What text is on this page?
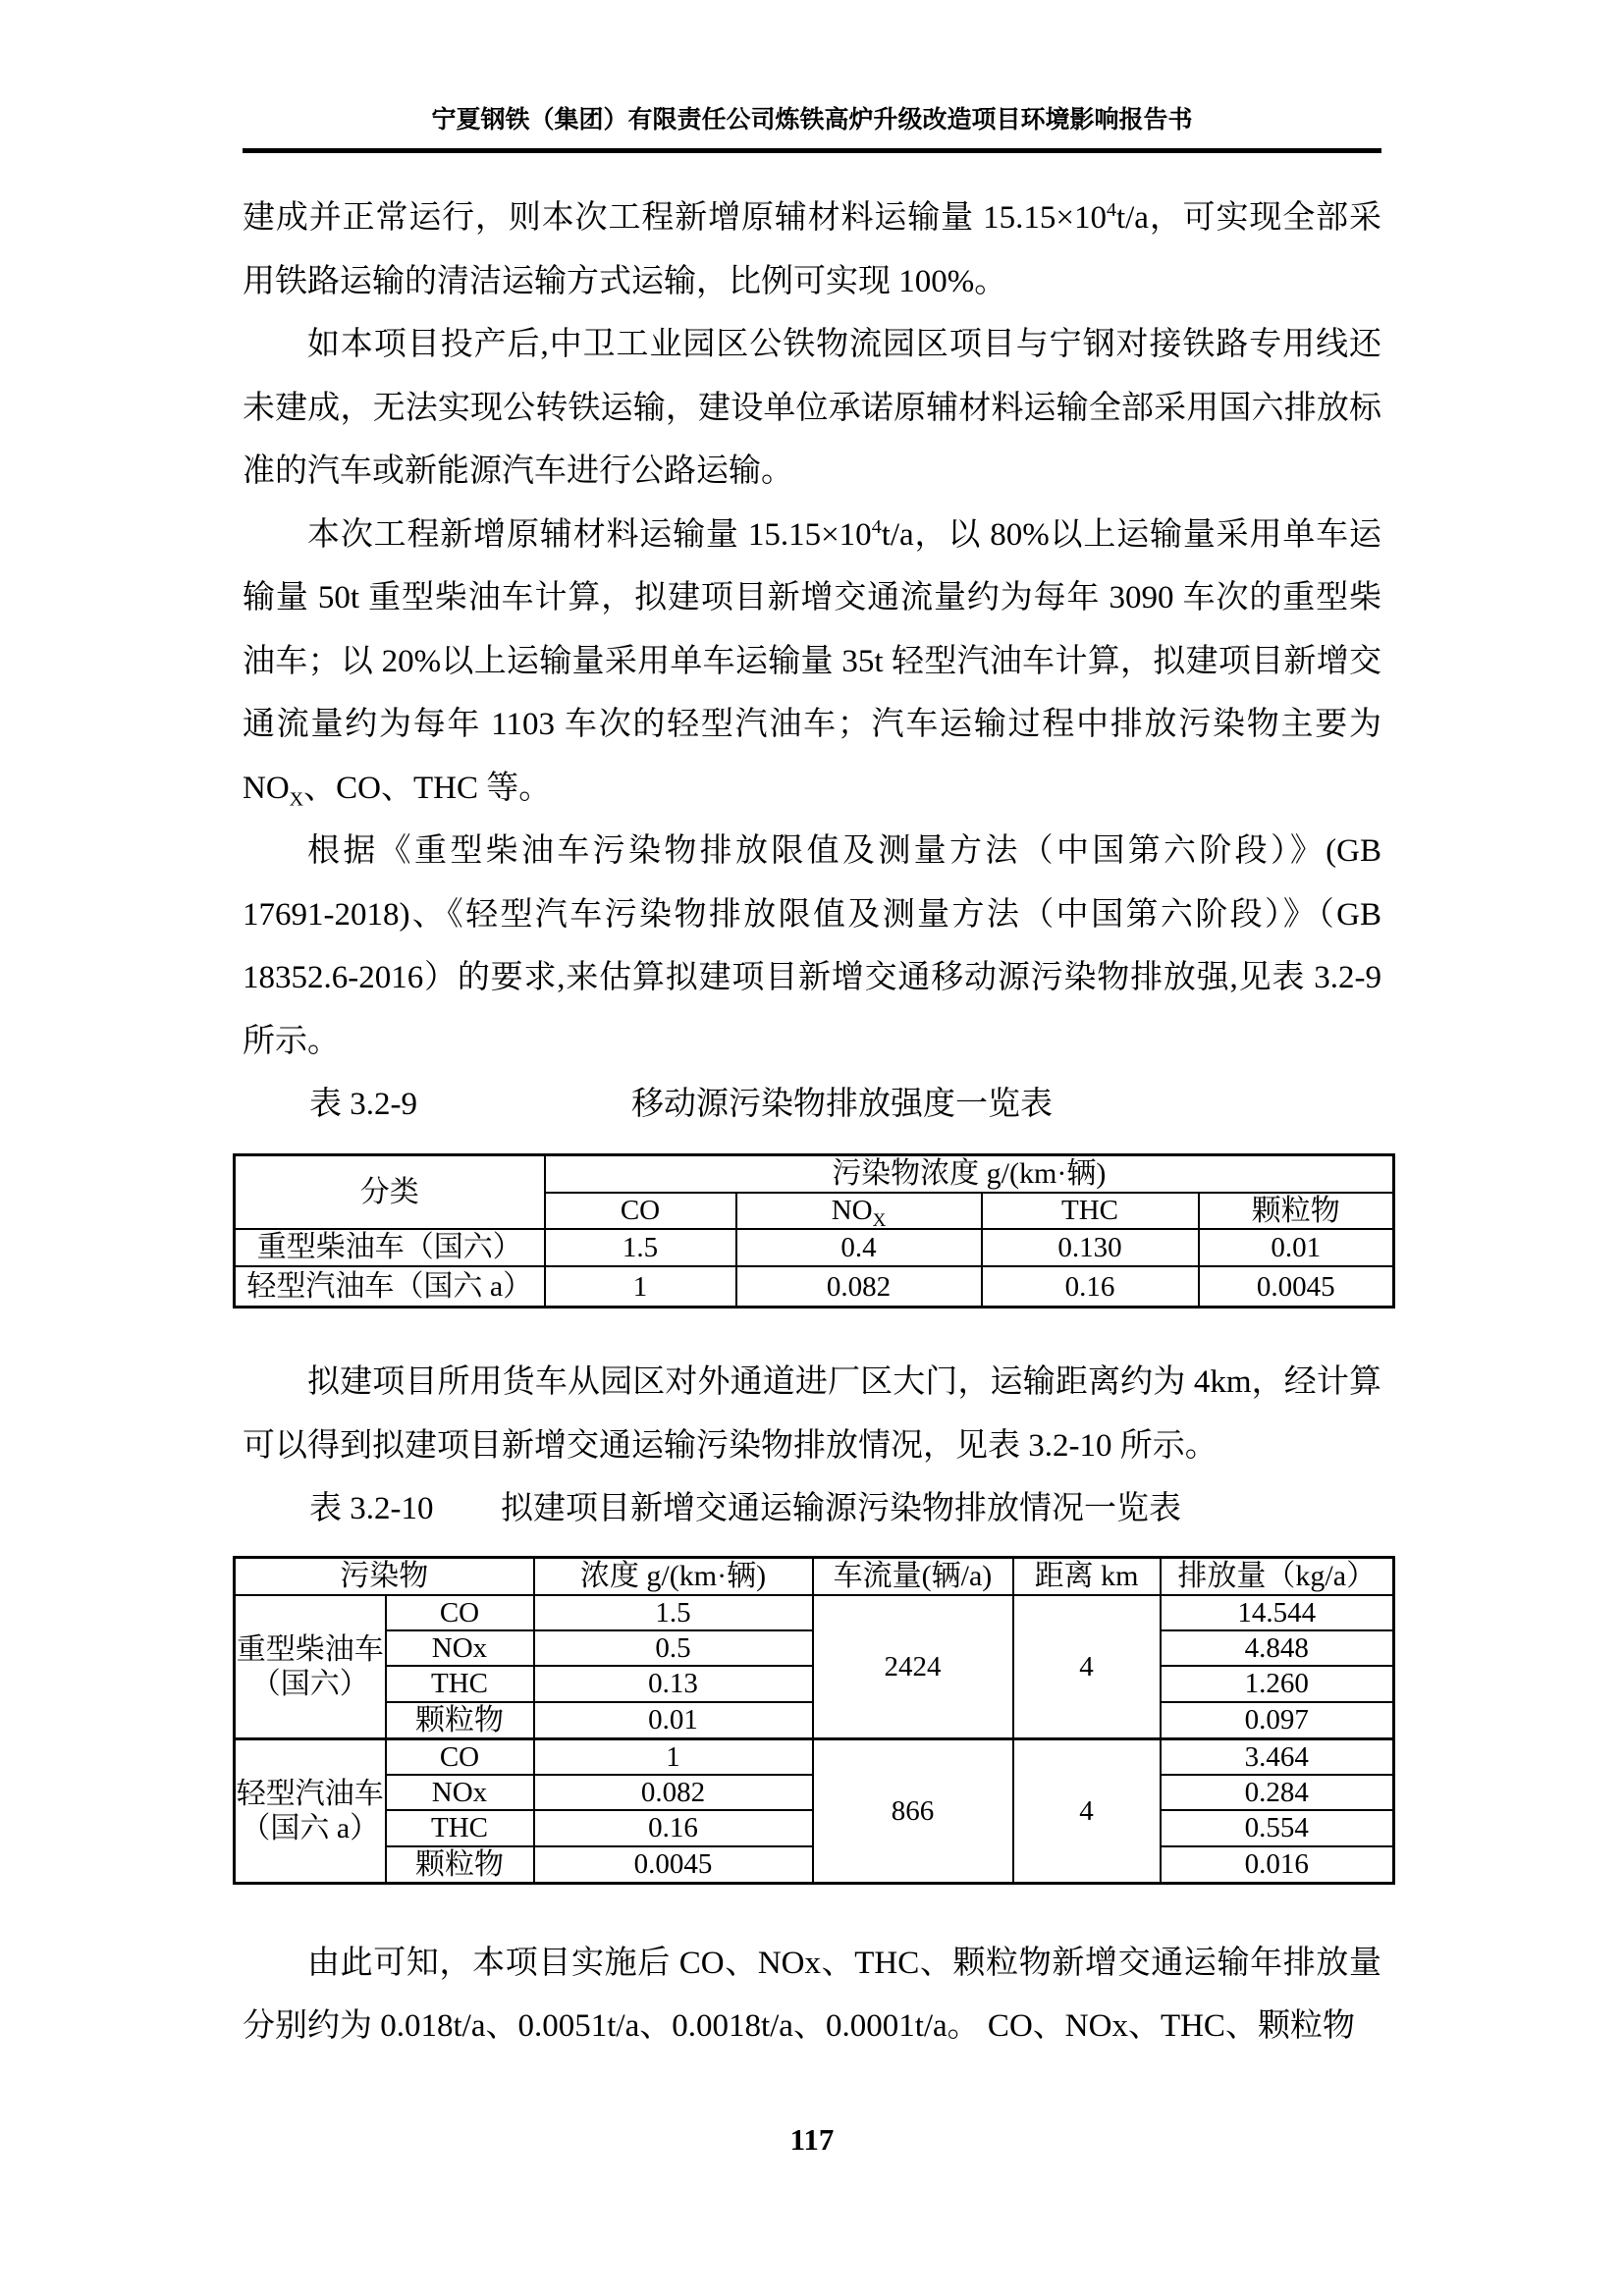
宁夏钢铁（集团）有限责任公司炼铁高炉升级改造项目环境影响报告书

建成并正常运行，则本次工程新增原辅材料运输量 $15.15\times 10^4t/a$，可实现全部采用铁路运输的清洁运输方式运输，比例可实现 100%。

如本项目投产后,中卫工业园区公铁物流园区项目与宁钢对接铁路专用线还未建成，无法实现公转铁运输，建设单位承诺原辅材料运输全部采用国六排放标准的汽车或新能源汽车进行公路运输。

本次工程新增原辅材料运输量 $15.15\times 10^4t/a$，以 80%以上运输量采用单车运输量 50t 重型柴油车计算，拟建项目新增交通流量约为每年 3090 车次的重型柴油车；以 20%以上运输量采用单车运输量 35t 轻型汽油车计算，拟建项目新增交通流量约为每年 1103 车次的轻型汽油车；汽车运输过程中排放污染物主要为 $NO_X$、CO、THC 等。

根据《重型柴油车污染物排放限值及测量方法（中国第六阶段）》(GB 17691-2018)、《轻型汽车污染物排放限值及测量方法（中国第六阶段）》（GB 18352.6-2016）的要求,来估算拟建项目新增交通移动源污染物排放强,见表 3.2-9 所示。

表 3.2-9	移动源污染物排放强度一览表
分类	污染物浓度 g/(km·辆)			
	CO	$NO_X$	THC	颗粒物
重型柴油车（国六）	1.5	0.4	0.130	0.01
轻型汽油车（国六 a）	1	0.082	0.16	0.0045

拟建项目所用货车从园区对外通道进厂区大门，运输距离约为 4km，经计算可以得到拟建项目新增交通运输污染物排放情况，见表 3.2-10 所示。

表 3.2-10 拟建项目新增交通运输源污染物排放情况一览表
污染物		浓度 g/(km·辆)	车流量(辆/a)	距离 km	排放量（kg/a）
重型柴油车（国六）	CO	1.5	2424	4	14.544
	NOx	0.5			4.848
	THC	0.13			1.260
	颗粒物	0.01			0.097
轻型汽油车（国六 a）	CO	1	866	4	3.464
	NOx	0.082			0.284
	THC	0.16			0.554
	颗粒物	0.0045			0.016

由此可知，本项目实施后 CO、NOx、THC、颗粒物新增交通运输年排放量分别约为 0.018t/a、0.0051t/a、0.0018t/a、0.0001t/a。 CO、NOx、THC、颗粒物

117
